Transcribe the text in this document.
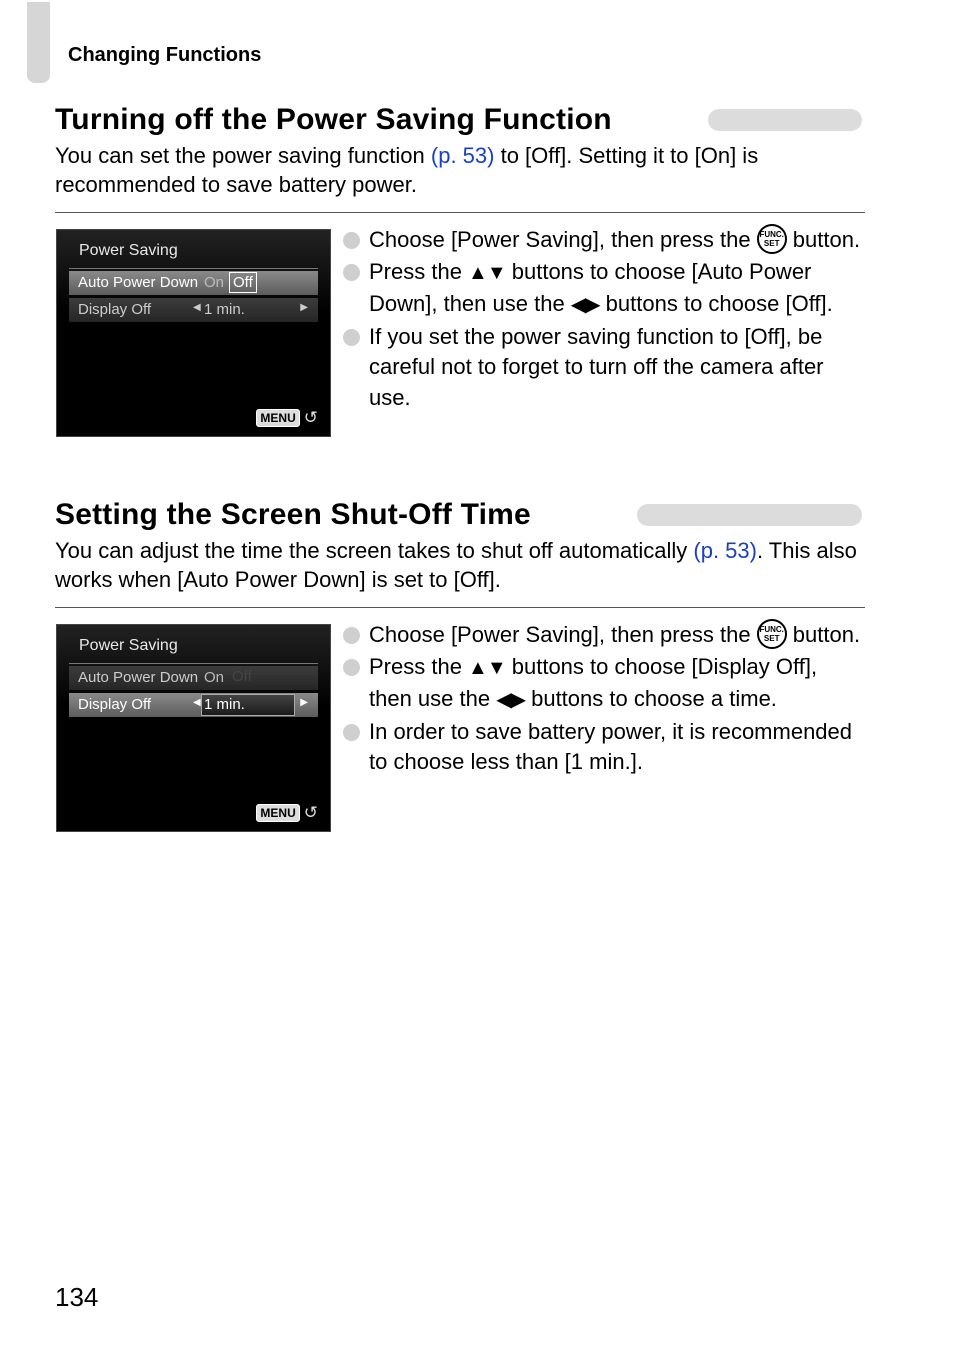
Changing Functions
Turning off the Power Saving Function
You can set the power saving function (p. 53) to [Off]. Setting it to [On] is recommended to save battery power.
Power Saving
Auto Power Down On Off
Display Off	◀ 1 min.	▶
MENU ↺
Choose [Power Saving], then press the FUNC.
SET button.
Press the ▲▼ buttons to choose [Auto Power Down], then use the ◀▶ buttons to choose [Off].
If you set the power saving function to [Off], be careful not to forget to turn off the camera after use.
Setting the Screen Shut-Off Time
You can adjust the time the screen takes to shut off automatically (p. 53). This also works when [Auto Power Down] is set to [Off].
Power Saving
Auto Power Down On Off
Display Off	◀ 1 min.	▶
MENU ↺
Choose [Power Saving], then press the FUNC.
SET button.
Press the ▲▼ buttons to choose [Display Off], then use the ◀▶ buttons to choose a time.
In order to save battery power, it is recommended to choose less than [1 min.].
134
